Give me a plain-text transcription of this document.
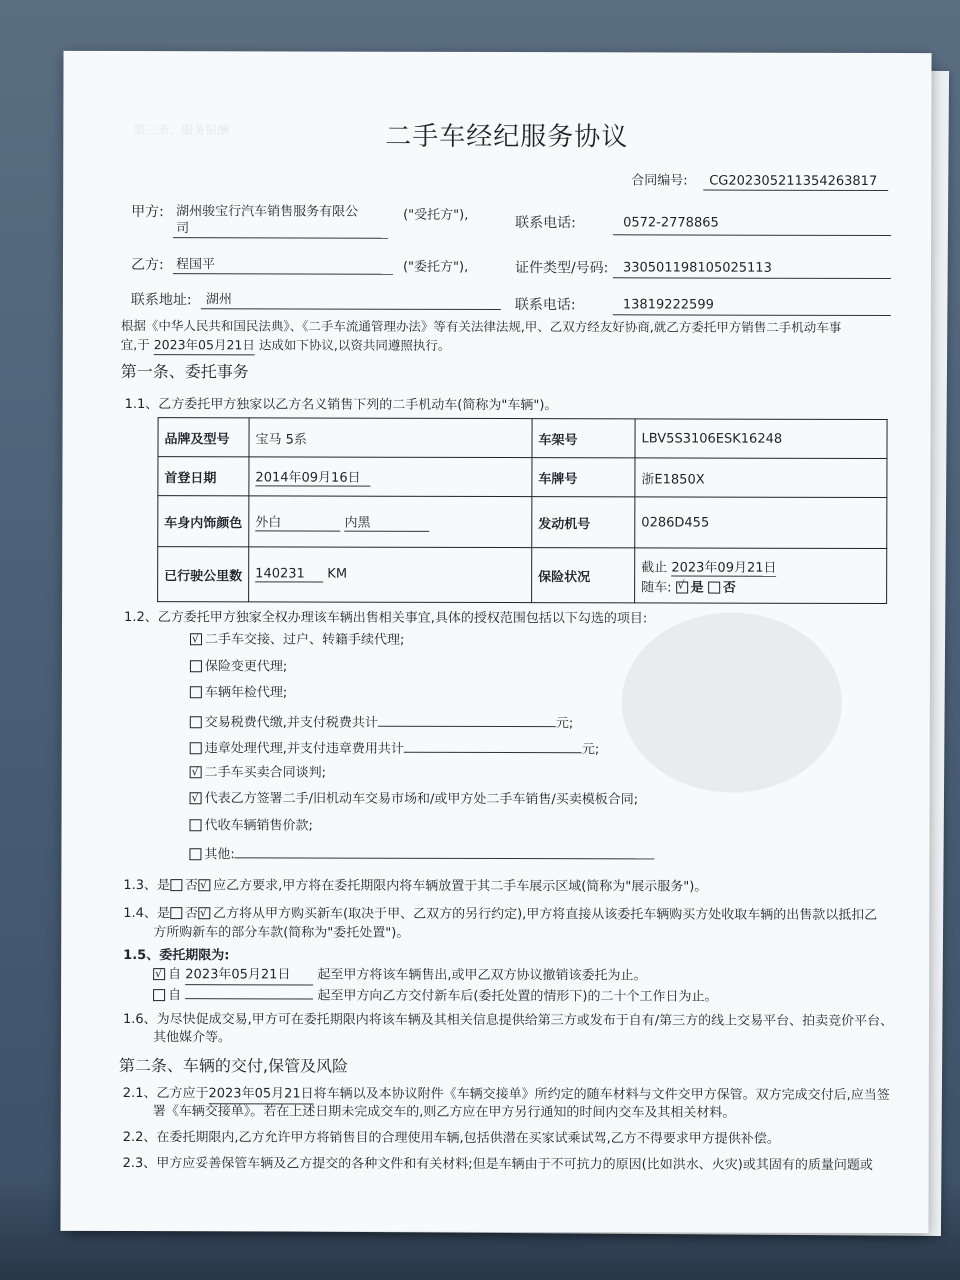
第三条、服务报酬	二手车经纪服务协议
合同编号: CG202305211354263817
甲方: 湖州骏宝行汽车销售服务有限公
司
("受托方"),	联系电话:	0572-2778865
乙方: 程国平	("委托方"),	证件类型/号码: 330501198105025113
联系地址: 湖州	联系电话:	13819222599
根据《中华人民共和国民法典》、《二手车流通管理办法》等有关法律法规,甲、乙双方经友好协商,就乙方委托甲方销售二手机动车事
宜,于 2023年05月21日 达成如下协议,以资共同遵照执行。
第一条、委托事务
1.1、乙方委托甲方独家以乙方名义销售下列的二手机动车(简称为"车辆")。
品牌及型号	宝马 5系	车架号	LBV5S3106ESK16248
首登日期	2014年09月16日	车牌号	浙E1850X
车身内饰颜色	外白 内黑	发动机号	0286D455
已行驶公里数	140231 KM	保险状况	截止 2023年09月21日
随车: √ 是 否
1.2、乙方委托甲方独家全权办理该车辆出售相关事宜,具体的授权范围包括以下勾选的项目:
√二手车交接、过户、转籍手续代理;
保险变更代理;
车辆年检代理;
交易税费代缴,并支付税费共计	元;
违章处理代理,并支付违章费用共计	元;
√二手车买卖合同谈判;
√代表乙方签署二手/旧机动车交易市场和/或甲方处二手车销售/买卖模板合同;
代收车辆销售价款;
其他:
1.3、是 否 √ 应乙方要求,甲方将在委托期限内将车辆放置于其二手车展示区域(简称为"展示服务")。
1.4、是 否 √ 乙方将从甲方购买新车(取决于甲、乙双方的另行约定),甲方将直接从该委托车辆购买方处收取车辆的出售款以抵扣乙
方所购新车的部分车款(简称为"委托处置")。
1.5、委托期限为:
√自 2023年05月21日 起至甲方将该车辆售出,或甲乙双方协议撤销该委托为止。
自	起至甲方向乙方交付新车后(委托处置的情形下)的二十个工作日为止。
1.6、为尽快促成交易,甲方可在委托期限内将该车辆及其相关信息提供给第三方或发布于自有/第三方的线上交易平台、拍卖竞价平台、
其他媒介等。
第二条、车辆的交付,保管及风险
2.1、乙方应于2023年05月21日将车辆以及本协议附件《车辆交接单》所约定的随车材料与文件交甲方保管。双方完成交付后,应当签
署《车辆交接单》。若在上述日期未完成交车的,则乙方应在甲方另行通知的时间内交车及其相关材料。
2.2、在委托期限内,乙方允许甲方将销售目的合理使用车辆,包括供潜在买家试乘试驾,乙方不得要求甲方提供补偿。
2.3、甲方应妥善保管车辆及乙方提交的各种文件和有关材料;但是车辆由于不可抗力的原因(比如洪水、火灾)或其固有的质量问题或
